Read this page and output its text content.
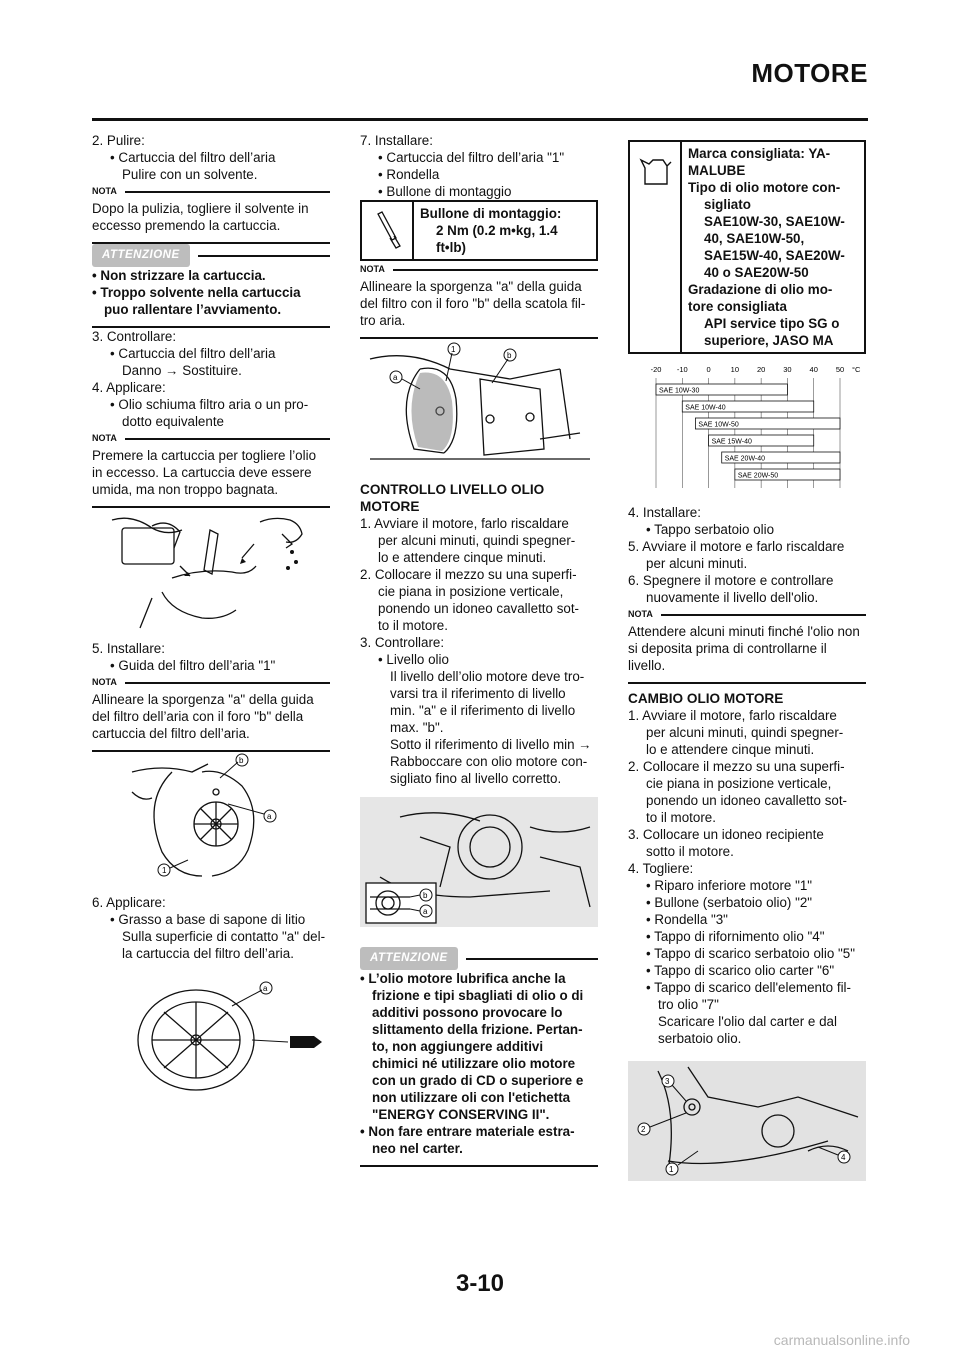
MOTORE
2. Pulire:
• Cartuccia del filtro dell’aria
Pulire con un solvente.
NOTA
Dopo la pulizia, togliere il solvente in eccesso premendo la cartuccia.
ATTENZIONE
• Non strizzare la cartuccia.
• Troppo solvente nella cartuccia
puo rallentare l’avviamento.
3. Controllare:
• Cartuccia del filtro dell’aria
Danno → Sostituire.
4. Applicare:
• Olio schiuma filtro aria o un pro-
dotto equivalente
NOTA
Premere la cartuccia per togliere l’olio in eccesso. La cartuccia deve essere umida, ma non troppo bagnata.
5. Installare:
• Guida del filtro dell’aria "1"
NOTA
Allineare la sporgenza "a" della guida del filtro dell’aria con il foro "b" della cartuccia del filtro dell’aria.
b
a
1
6. Applicare:
• Grasso a base di sapone di litio
Sulla superficie di contatto "a" del-
la cartuccia del filtro dell’aria.
a
7. Installare:
• Cartuccia del filtro dell’aria "1"
• Rondella
• Bullone di montaggio
Bullone di montaggio:
2 Nm (0.2 m•kg, 1.4
ft•lb)
NOTA
Allineare la sporgenza "a" della guida del filtro con il foro "b" della scatola fil-tro aria.
1
b
a
CONTROLLO LIVELLO OLIO MOTORE
1. Avviare il motore, farlo riscaldare
per alcuni minuti, quindi spegner-
lo e attendere cinque minuti.
2. Collocare il mezzo su una superfi-
cie piana in posizione verticale,
ponendo un idoneo cavalletto sot-
to il motore.
3. Controllare:
• Livello olio
Il livello dell’olio motore deve tro-
varsi tra il riferimento di livello
min. "a" e il riferimento di livello
max. "b".
Sotto il riferimento di livello min →
Rabboccare con olio motore con-
sigliato fino al livello corretto.
b
a
ATTENZIONE
• L’olio motore lubrifica anche la
frizione e tipi sbagliati di olio o di
additivi possono provocare lo
slittamento della frizione. Pertan-
to, non aggiungere additivi
chimici né utilizzare olio motore
con un grado di CD o superiore e
non utilizzare oli con l'etichetta
"ENERGY CONSERVING II".
• Non fare entrare materiale estra-
neo nel carter.
Marca consigliata: YA-
MALUBE
Tipo di olio motore con-
sigliato
SAE10W-30, SAE10W-
40, SAE10W-50,
SAE15W-40, SAE20W-
40 o SAE20W-50
Gradazione di olio mo-
tore consigliata
API service tipo SG o
superiore, JASO MA
-20 -10	0	10 20 30 40 50 °C
SAE 10W-30
SAE 10W-40
SAE 10W-50
SAE 15W-40
SAE 20W-40
SAE 20W-50
4. Installare:
• Tappo serbatoio olio
5. Avviare il motore e farlo riscaldare
per alcuni minuti.
6. Spegnere il motore e controllare
nuovamente il livello dell'olio.
NOTA
Attendere alcuni minuti finché l'olio non si deposita prima di controllarne il livello.
CAMBIO OLIO MOTORE
1. Avviare il motore, farlo riscaldare
per alcuni minuti, quindi spegner-
lo e attendere cinque minuti.
2. Collocare il mezzo su una superfi-
cie piana in posizione verticale,
ponendo un idoneo cavalletto sot-
to il motore.
3. Collocare un idoneo recipiente
sotto il motore.
4. Togliere:
• Riparo inferiore motore "1"
• Bullone (serbatoio olio) "2"
• Rondella "3"
• Tappo di rifornimento olio "4"
• Tappo di scarico serbatoio olio "5"
• Tappo di scarico olio carter "6"
• Tappo di scarico dell'elemento fil-
tro olio "7"
Scaricare l'olio dal carter e dal
serbatoio olio.
3
2
1
4
3-10
carmanualsonline.info
